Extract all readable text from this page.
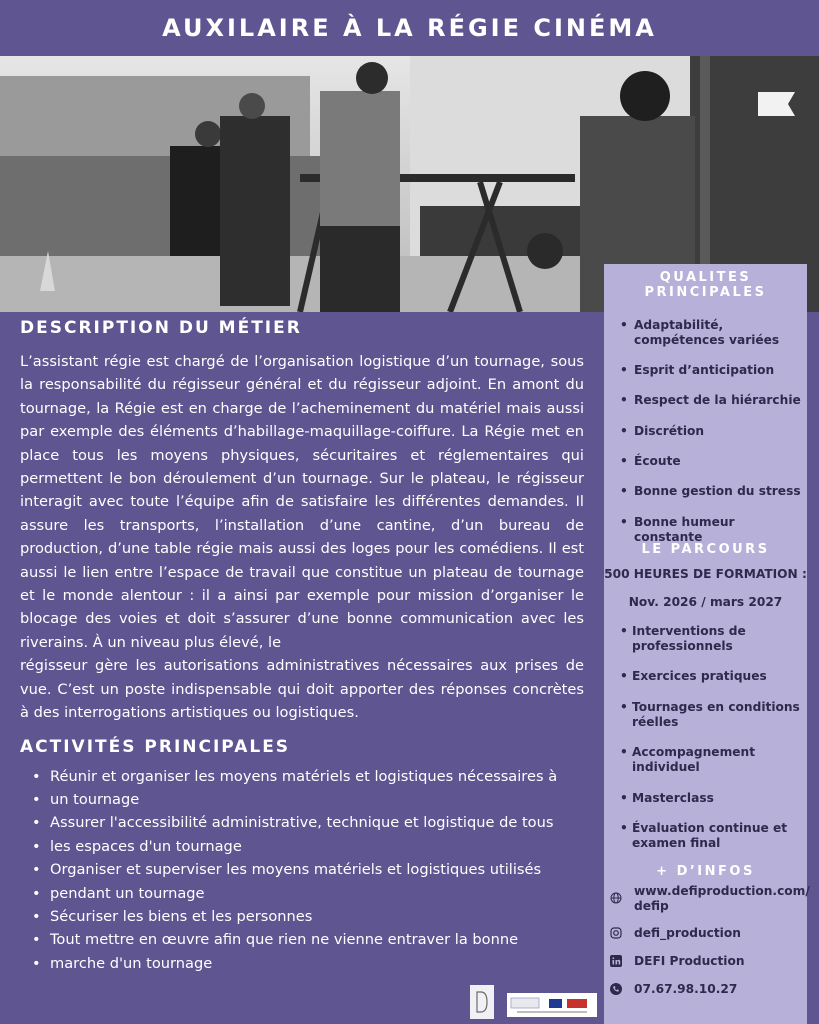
AUXILAIRE À LA RÉGIE CINÉMA
DESCRIPTION DU MÉTIER

L’assistant régie est chargé de l’organisation logistique d’un tournage, sous la responsabilité du régisseur général et du régisseur adjoint. En amont du tournage, la Régie est en charge de l’acheminement du matériel mais aussi par exemple des éléments d’habillage-maquillage-coiffure. La Régie met en place tous les moyens physiques, sécuritaires et réglementaires qui permettent le bon déroulement d’un tournage. Sur le plateau, le régisseur interagit avec toute l’équipe afin de satisfaire les différentes demandes. Il assure les transports, l’installation d’une cantine, d’un bureau de production, d’une table régie mais aussi des loges pour les comédiens. Il est aussi le lien entre l’espace de travail que constitue un plateau de tournage et le monde alentour : il a ainsi par exemple pour mission d’organiser le blocage des voies et doit s’assurer d’une bonne communication avec les riverains. À un niveau plus élevé, le

régisseur gère les autorisations administratives nécessaires aux prises de vue. C’est un poste indispensable qui doit apporter des réponses concrètes à des interrogations artistiques ou logistiques.

ACTIVITÉS PRINCIPALES
• Réunir et organiser les moyens matériels et logistiques nécessaires à
• un tournage
• Assurer l'accessibilité administrative, technique et logistique de tous
• les espaces d'un tournage
• Organiser et superviser les moyens matériels et logistiques utilisés
• pendant un tournage
• Sécuriser les biens et les personnes
• Tout mettre en œuvre afin que rien ne vienne entraver la bonne
• marche d'un tournage
QUALITES
PRINCIPALES
• Adaptabilité, compétences variées
• Esprit d’anticipation
• Respect de la hiérarchie
• Discrétion
• Écoute
• Bonne gestion du stress
• Bonne humeur constante
LE PARCOURS
500 HEURES DE FORMATION :
Nov. 2026 / mars 2027
• Interventions de professionnels
• Exercices pratiques
• Tournages en conditions réelles
• Accompagnement individuel
• Masterclass
• Évaluation continue et examen final
+ D’INFOS
www.defiproduction.com/ defip
defi_production
DEFI Production
07.67.98.10.27
